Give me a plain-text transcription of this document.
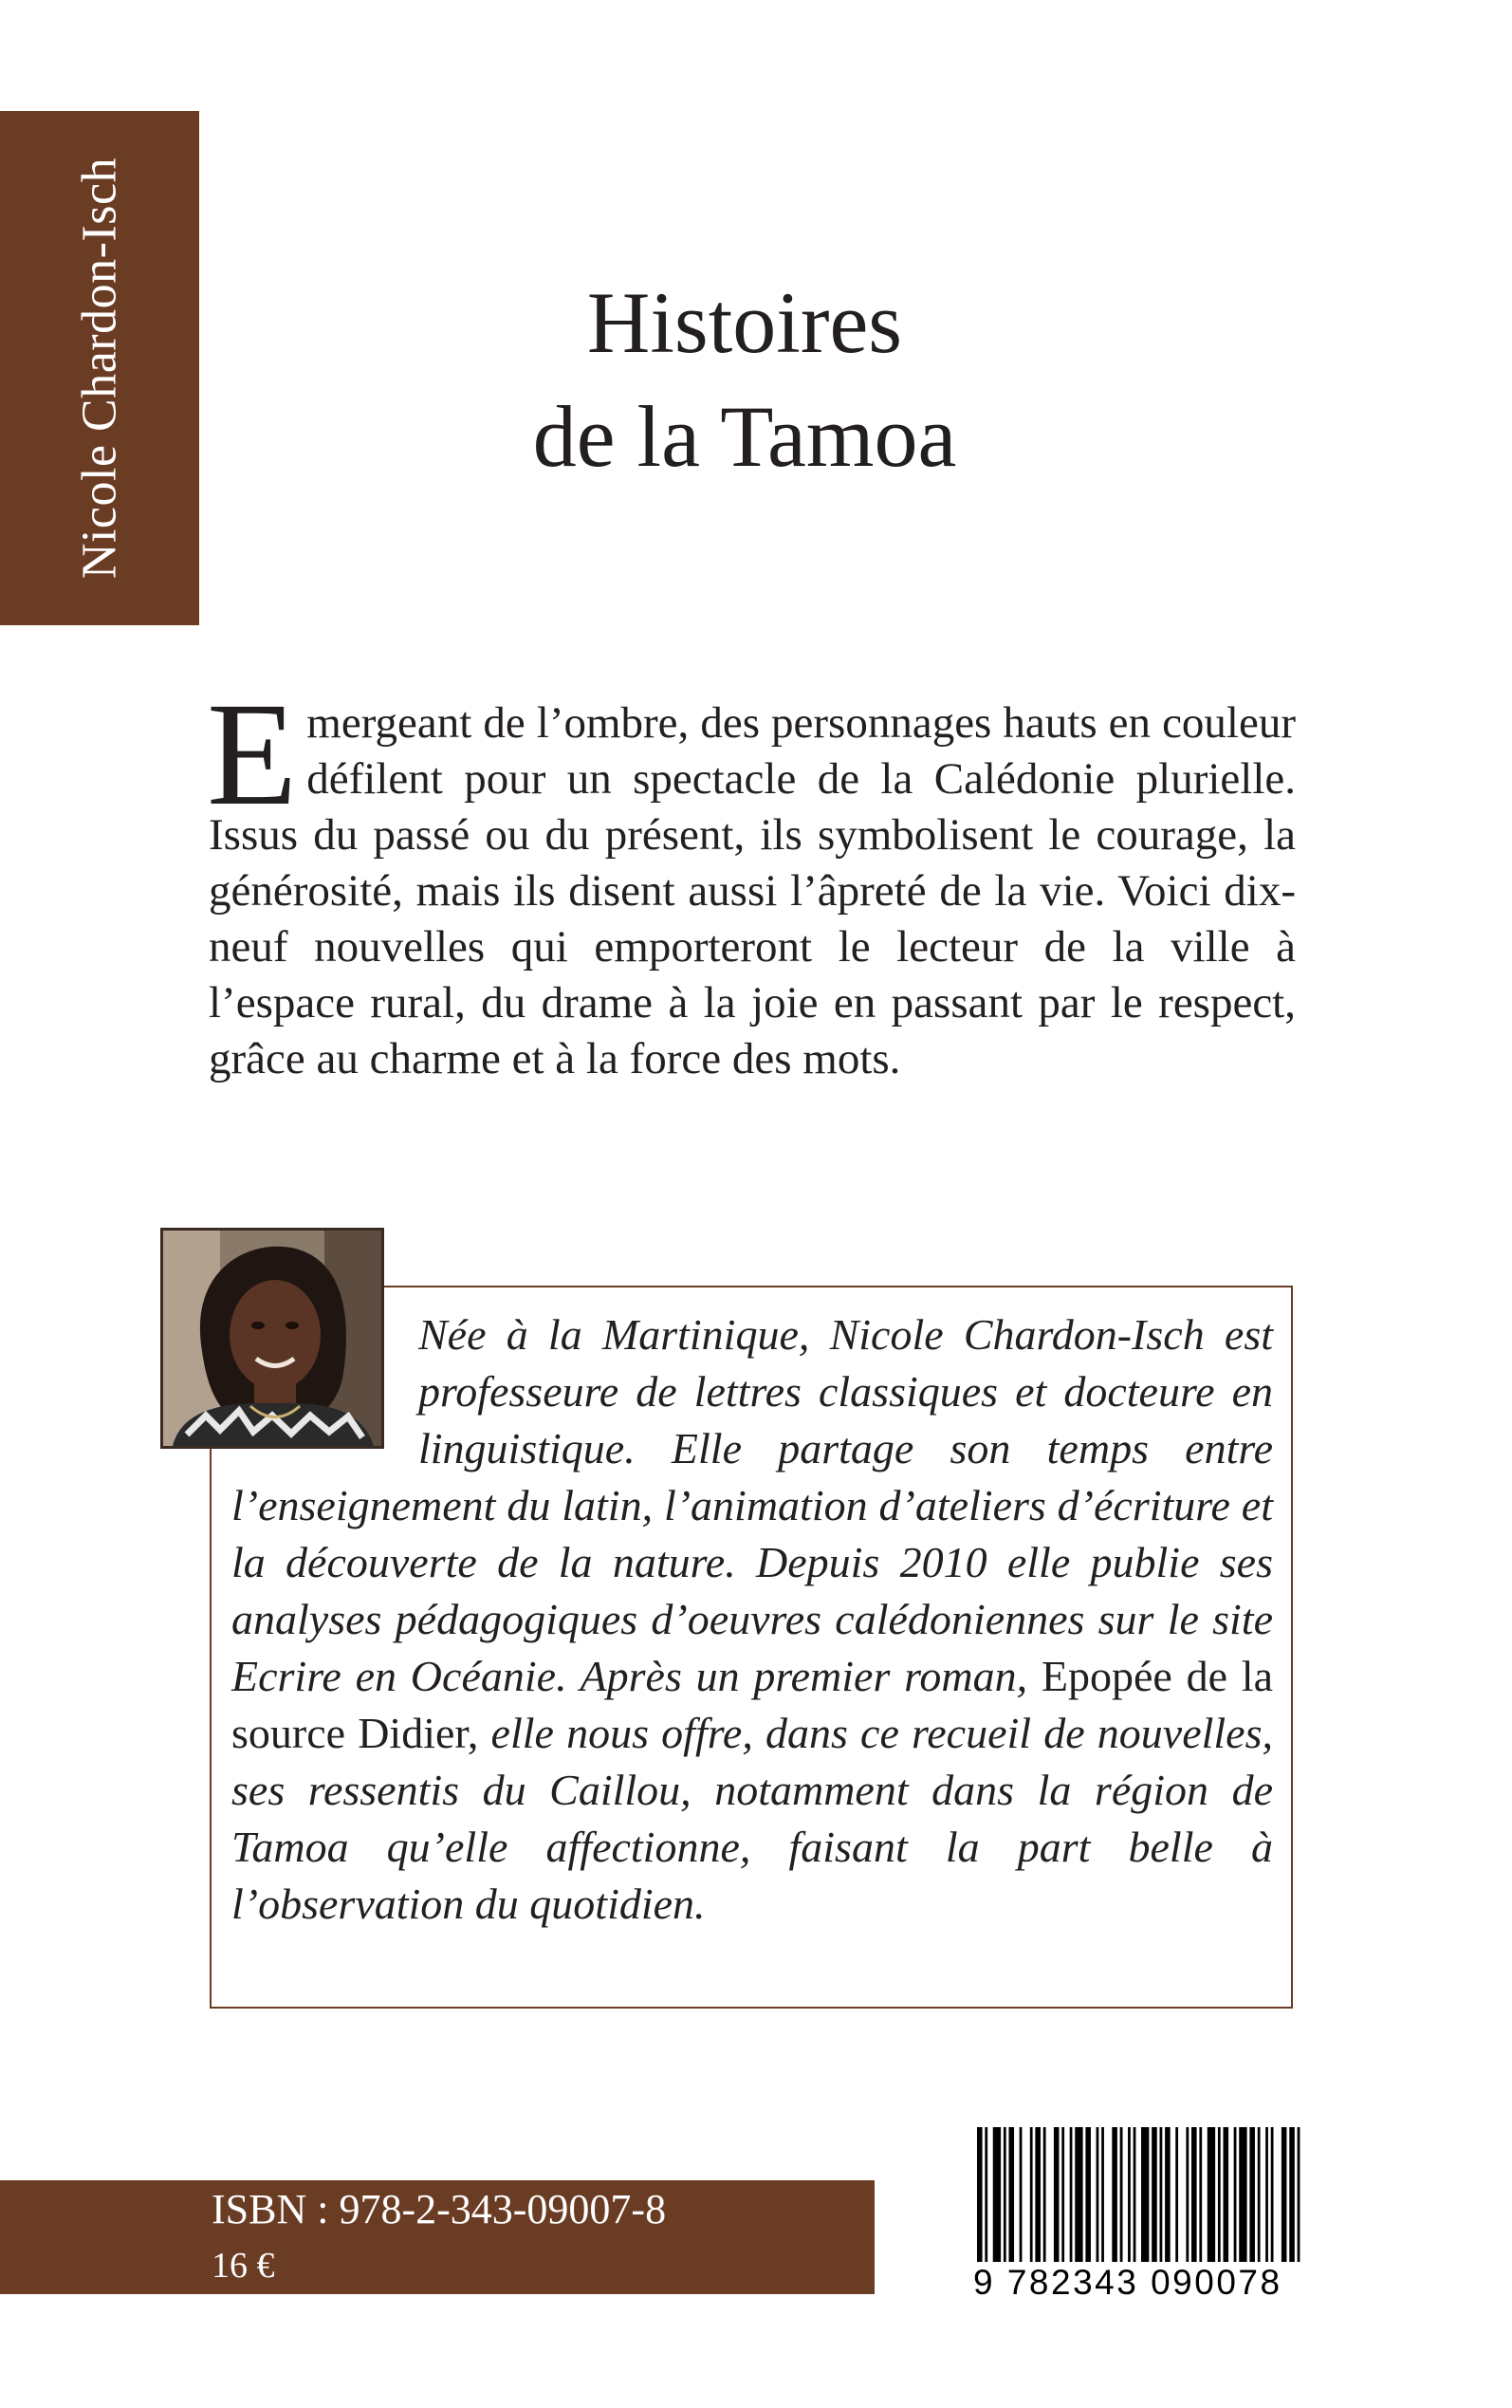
Nicole Chardon-Isch	Histoires
de la Tamoa
Emergeant de l’ombre, des personnages hauts en couleur défilent pour un spectacle de la Calédonie plurielle. Issus du passé ou du présent, ils symbolisent le courage, la générosité, mais ils disent aussi l’âpreté de la vie. Voici dix-neuf nouvelles qui emporteront le lecteur de la ville à l’espace rural, du drame à la joie en passant par le respect, grâce au charme et à la force des mots.
Née à la Martinique, Nicole Chardon-Isch est professeure de lettres classiques et docteure en linguistique. Elle partage son temps entre l’enseignement du latin, l’animation d’ateliers d’écriture et la découverte de la nature. Depuis 2010 elle publie ses analyses pédagogiques d’oeuvres calédoniennes sur le site Ecrire en Océanie. Après un premier roman, Epopée de la source Didier, elle nous offre, dans ce recueil de nouvelles, ses ressentis du Caillou, notamment dans la région de Tamoa qu’elle affectionne, faisant la part belle à l’observation du quotidien.
ISBN : 978-2-343-09007-8
16 €	9 782343 090078
